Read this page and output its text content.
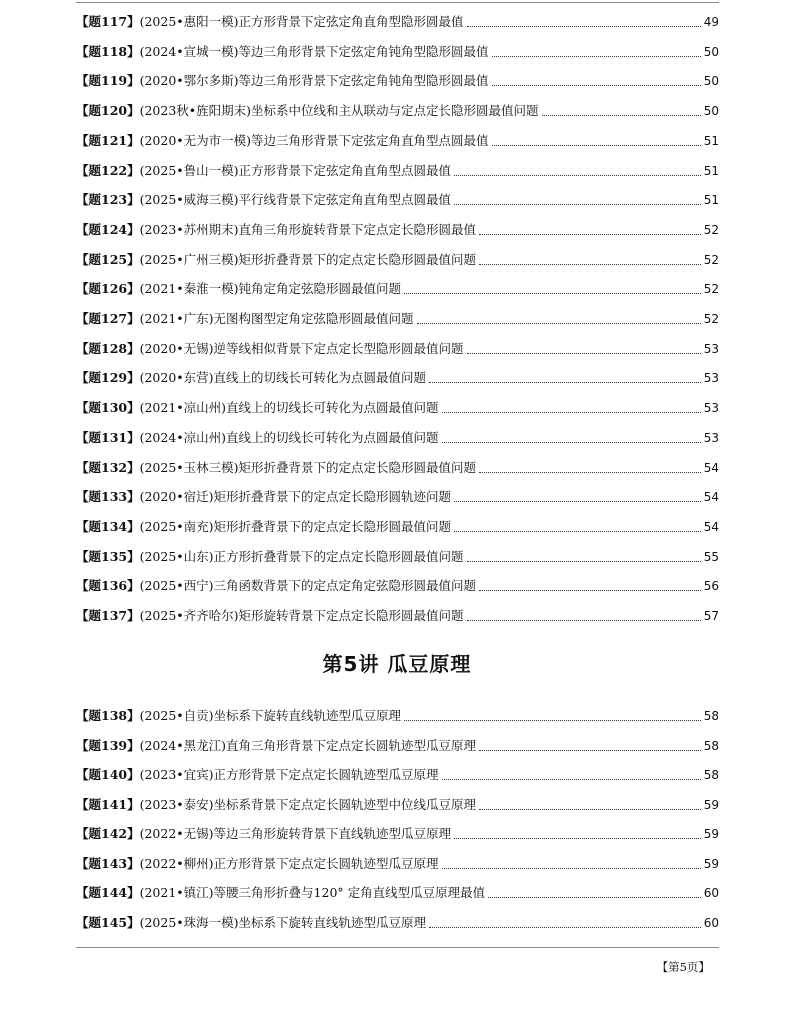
【题117】 (2025•惠阳一模)正方形背景下定弦定角直角型隐形圆最值	49
【题118】 (2024•宣城一模)等边三角形背景下定弦定角钝角型隐形圆最值	50
【题119】 (2020•鄂尔多斯)等边三角形背景下定弦定角钝角型隐形圆最值	50
【题120】 (2023秋•旌阳期末)坐标系中位线和主从联动与定点定长隐形圆最值问题	50
【题121】 (2020•无为市一模)等边三角形背景下定弦定角直角型点圆最值	51
【题122】 (2025•鲁山一模)正方形背景下定弦定角直角型点圆最值	51
【题123】 (2025•威海三模)平行线背景下定弦定角直角型点圆最值	51
【题124】 (2023•苏州期末)直角三角形旋转背景下定点定长隐形圆最值	52
【题125】 (2025•广州三模)矩形折叠背景下的定点定长隐形圆最值问题	52
【题126】 (2021•秦淮一模)钝角定角定弦隐形圆最值问题	52
【题127】 (2021•广东)无图构图型定角定弦隐形圆最值问题	52
【题128】 (2020•无锡)逆等线相似背景下定点定长型隐形圆最值问题	53
【题129】 (2020•东营)直线上的切线长可转化为点圆最值问题	53
【题130】 (2021•凉山州)直线上的切线长可转化为点圆最值问题	53
【题131】 (2024•凉山州)直线上的切线长可转化为点圆最值问题	53
【题132】 (2025•玉林三模)矩形折叠背景下的定点定长隐形圆最值问题	54
【题133】 (2020•宿迁)矩形折叠背景下的定点定长隐形圆轨迹问题	54
【题134】 (2025•南充)矩形折叠背景下的定点定长隐形圆最值问题	54
【题135】 (2025•山东)正方形折叠背景下的定点定长隐形圆最值问题	55
【题136】 (2025•西宁)三角函数背景下的定点定角定弦隐形圆最值问题	56
【题137】 (2025•齐齐哈尔)矩形旋转背景下定点定长隐形圆最值问题	57
第5讲 瓜豆原理
【题138】 (2025•自贡)坐标系下旋转直线轨迹型瓜豆原理	58
【题139】 (2024•黑龙江)直角三角形背景下定点定长圆轨迹型瓜豆原理	58
【题140】 (2023•宜宾)正方形背景下定点定长圆轨迹型瓜豆原理	58
【题141】 (2023•泰安)坐标系背景下定点定长圆轨迹型中位线瓜豆原理	59
【题142】 (2022•无锡)等边三角形旋转背景下直线轨迹型瓜豆原理	59
【题143】 (2022•柳州)正方形背景下定点定长圆轨迹型瓜豆原理	59
【题144】 (2021•镇江)等腰三角形折叠与120° 定角直线型瓜豆原理最值	60
【题145】 (2025•珠海一模)坐标系下旋转直线轨迹型瓜豆原理	60
【第5页】
